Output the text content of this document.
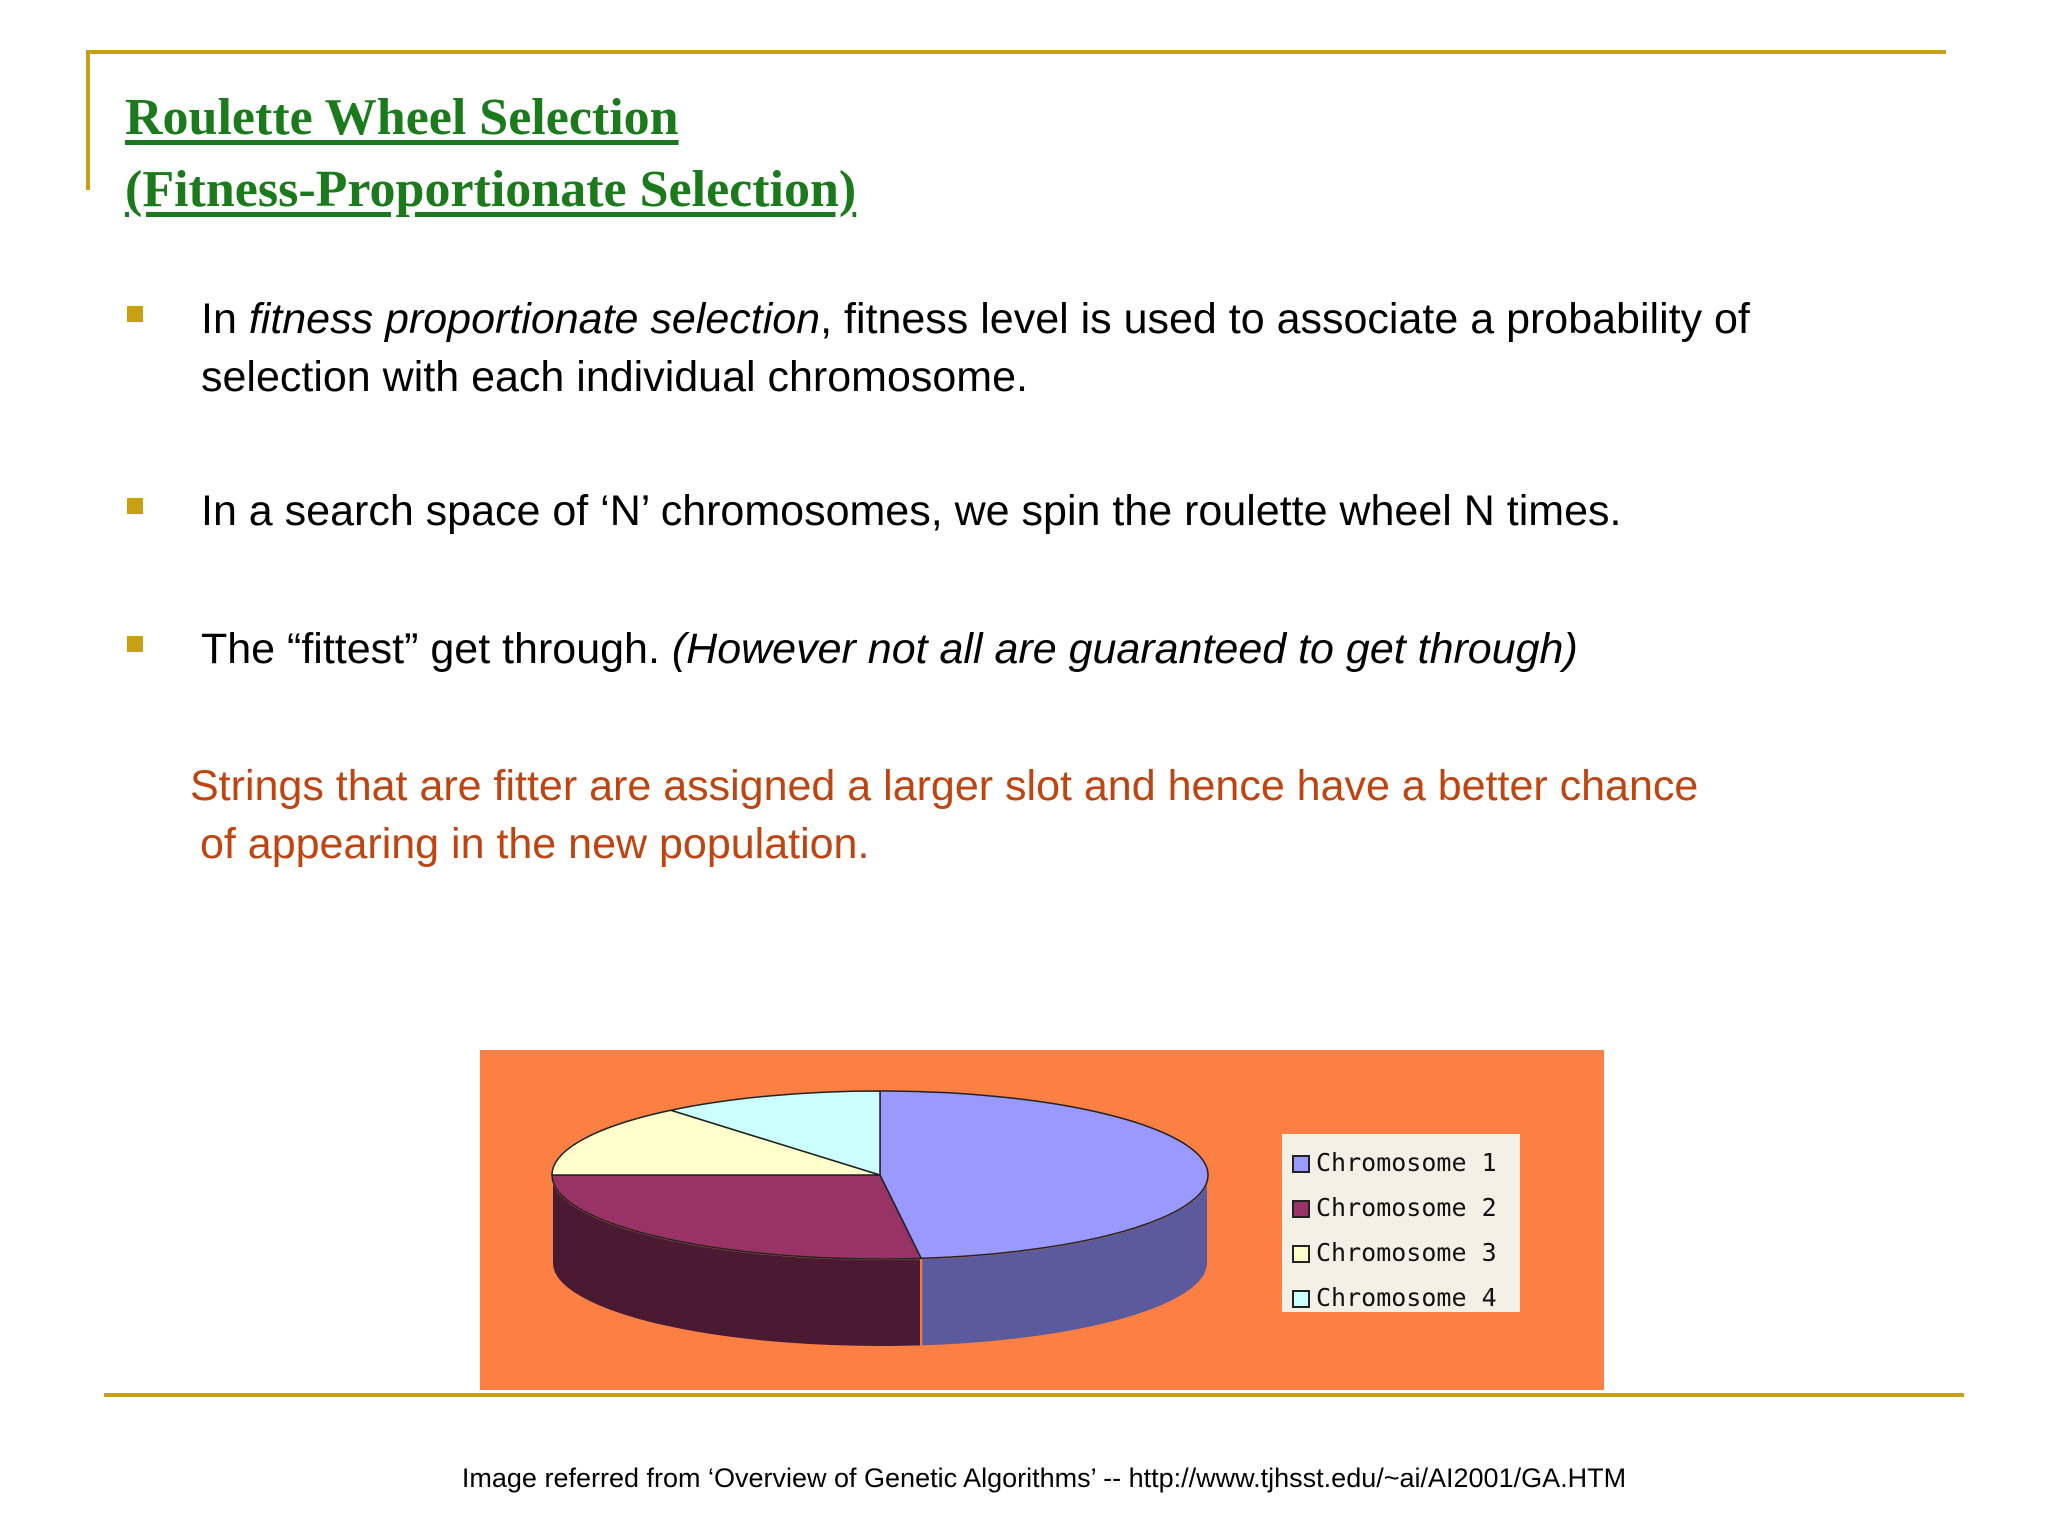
Roulette Wheel Selection
(Fitness-Proportionate Selection)
In fitness proportionate selection, fitness level is used to associate a probability of selection with each individual chromosome.
In a search space of ‘N’ chromosomes, we spin the roulette wheel N times.
The “fittest” get through. (However not all are guaranteed to get through)
Strings that are fitter are assigned a larger slot and hence have a better chance
of appearing in the new population.
Chromosome 1
Chromosome 2
Chromosome 3
Chromosome 4
Image referred from ‘Overview of Genetic Algorithms’ -- http://www.tjhsst.edu/~ai/AI2001/GA.HTM
